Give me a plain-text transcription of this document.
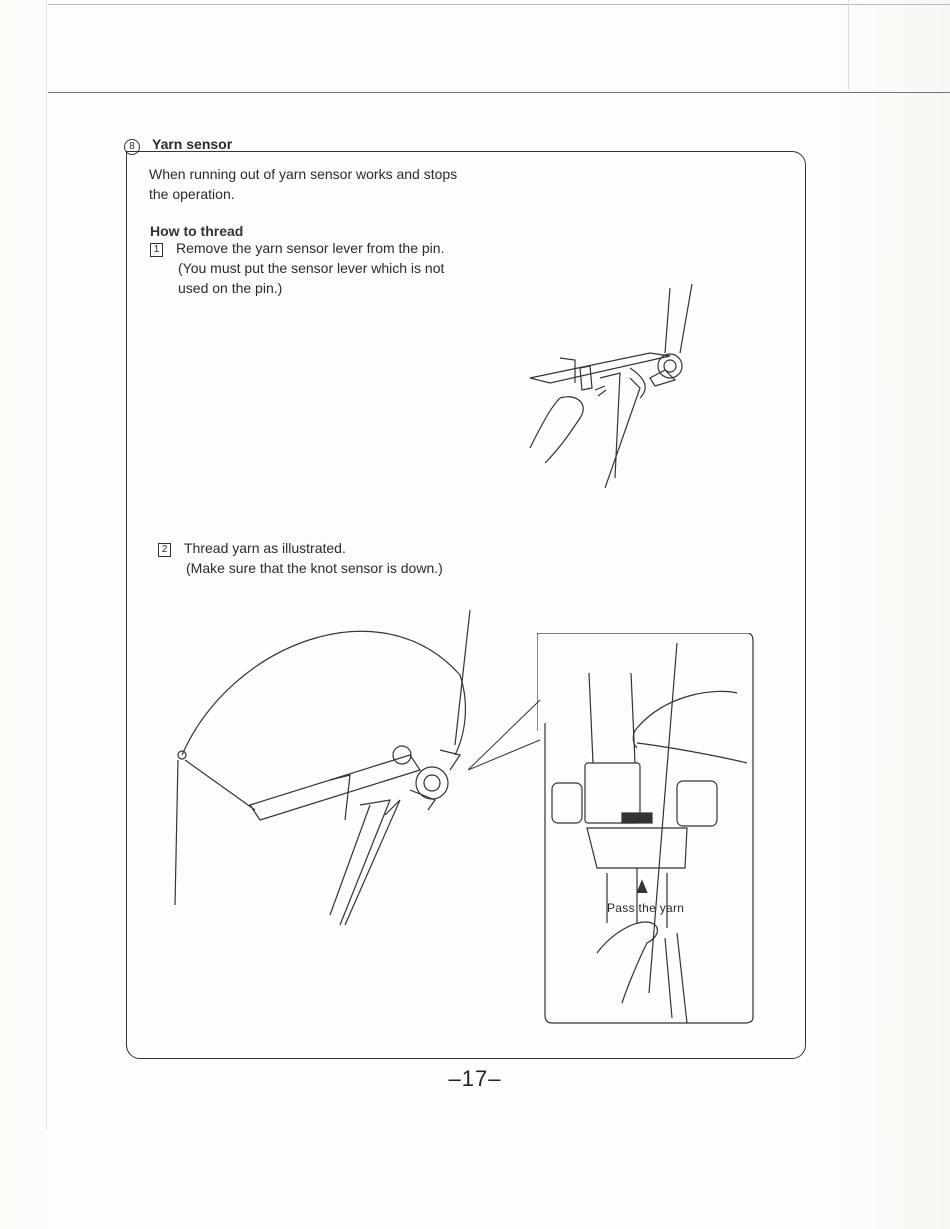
8 Yarn sensor
When running out of yarn sensor works and stops the operation.
How to thread
1 Remove the yarn sensor lever from the pin.
(You must put the sensor lever which is not used on the pin.)
2 Thread yarn as illustrated.
(Make sure that the knot sensor is down.)
Pass the yarn
–17–
